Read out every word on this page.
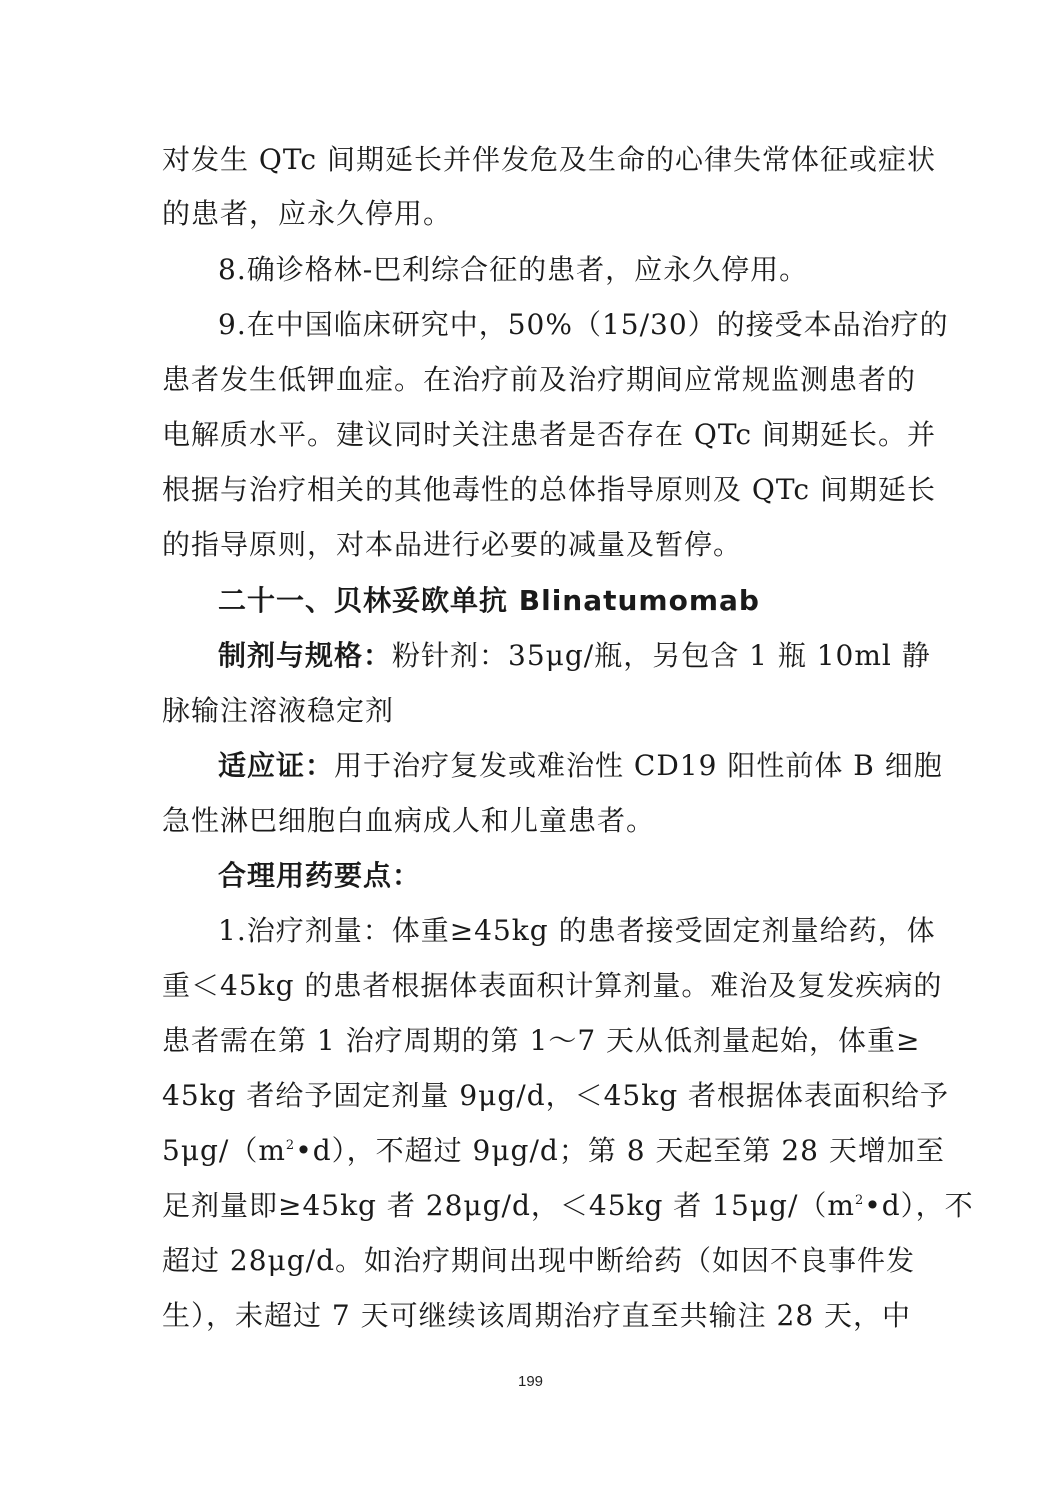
对发生 QTc 间期延长并伴发危及生命的心律失常体征或症状
的患者，应永久停用。
8.确诊格林-巴利综合征的患者，应永久停用。
9.在中国临床研究中，50%（15/30）的接受本品治疗的
患者发生低钾血症。在治疗前及治疗期间应常规监测患者的
电解质水平。建议同时关注患者是否存在 QTc 间期延长。并
根据与治疗相关的其他毒性的总体指导原则及 QTc 间期延长
的指导原则，对本品进行必要的减量及暂停。
二十一、贝林妥欧单抗 Blinatumomab
制剂与规格：粉针剂：35μg/瓶，另包含 1 瓶 10ml 静
脉输注溶液稳定剂
适应证：用于治疗复发或难治性 CD19 阳性前体 B 细胞
急性淋巴细胞白血病成人和儿童患者。
合理用药要点：
1.治疗剂量：体重≥45kg 的患者接受固定剂量给药，体
重＜45kg 的患者根据体表面积计算剂量。难治及复发疾病的
患者需在第 1 治疗周期的第 1～7 天从低剂量起始，体重≥
45kg 者给予固定剂量 9μg/d，＜45kg 者根据体表面积给予
$5\mu g/(m^2•d)$，不超过 9μg/d；第 8 天起至第 28 天增加至
足剂量即≥45kg 者 28μg/d，＜45kg 者 $15\mu g/(m^2•d)$，不
超过 28μg/d。如治疗期间出现中断给药（如因不良事件发
生），未超过 7 天可继续该周期治疗直至共输注 28 天，中
199
